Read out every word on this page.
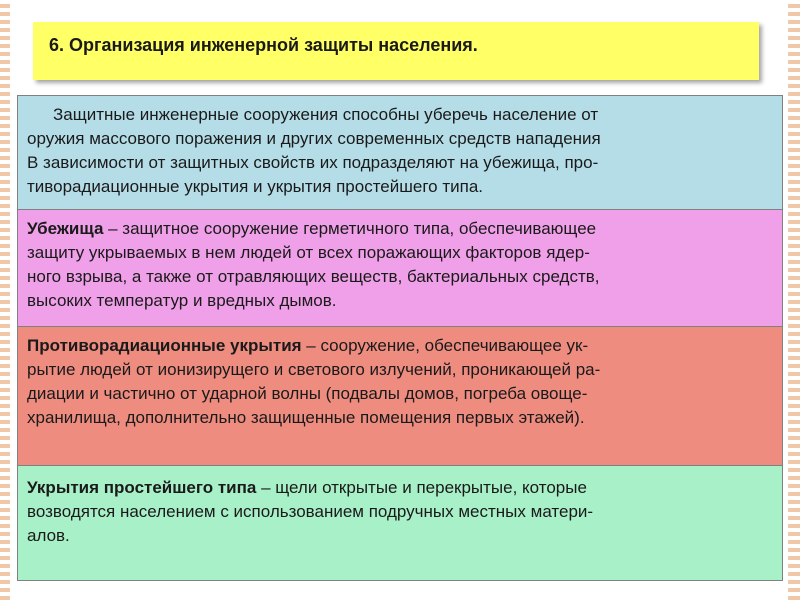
6. Организация инженерной защиты населения.
Защитные инженерные сооружения способны уберечь население от
оружия массового поражения и других современных средств нападения
В зависимости от защитных свойств их подразделяют на убежища, про-
тиворадиационные укрытия и укрытия простейшего типа.
Убежища – защитное сооружение герметичного типа, обеспечивающее
защиту укрываемых в нем людей от всех поражающих факторов ядер-
ного взрыва, а также от отравляющих веществ, бактериальных средств,
высоких температур и вредных дымов.
Противорадиационные укрытия – сооружение, обеспечивающее ук-
рытие людей от ионизирущего и светового излучений, проникающей ра-
диации и частично от ударной волны (подвалы домов, погреба овоще-
хранилища, дополнительно защищенные помещения первых этажей).
Укрытия простейшего типа – щели открытые и перекрытые, которые
возводятся населением с использованием подручных местных матери-
алов.
